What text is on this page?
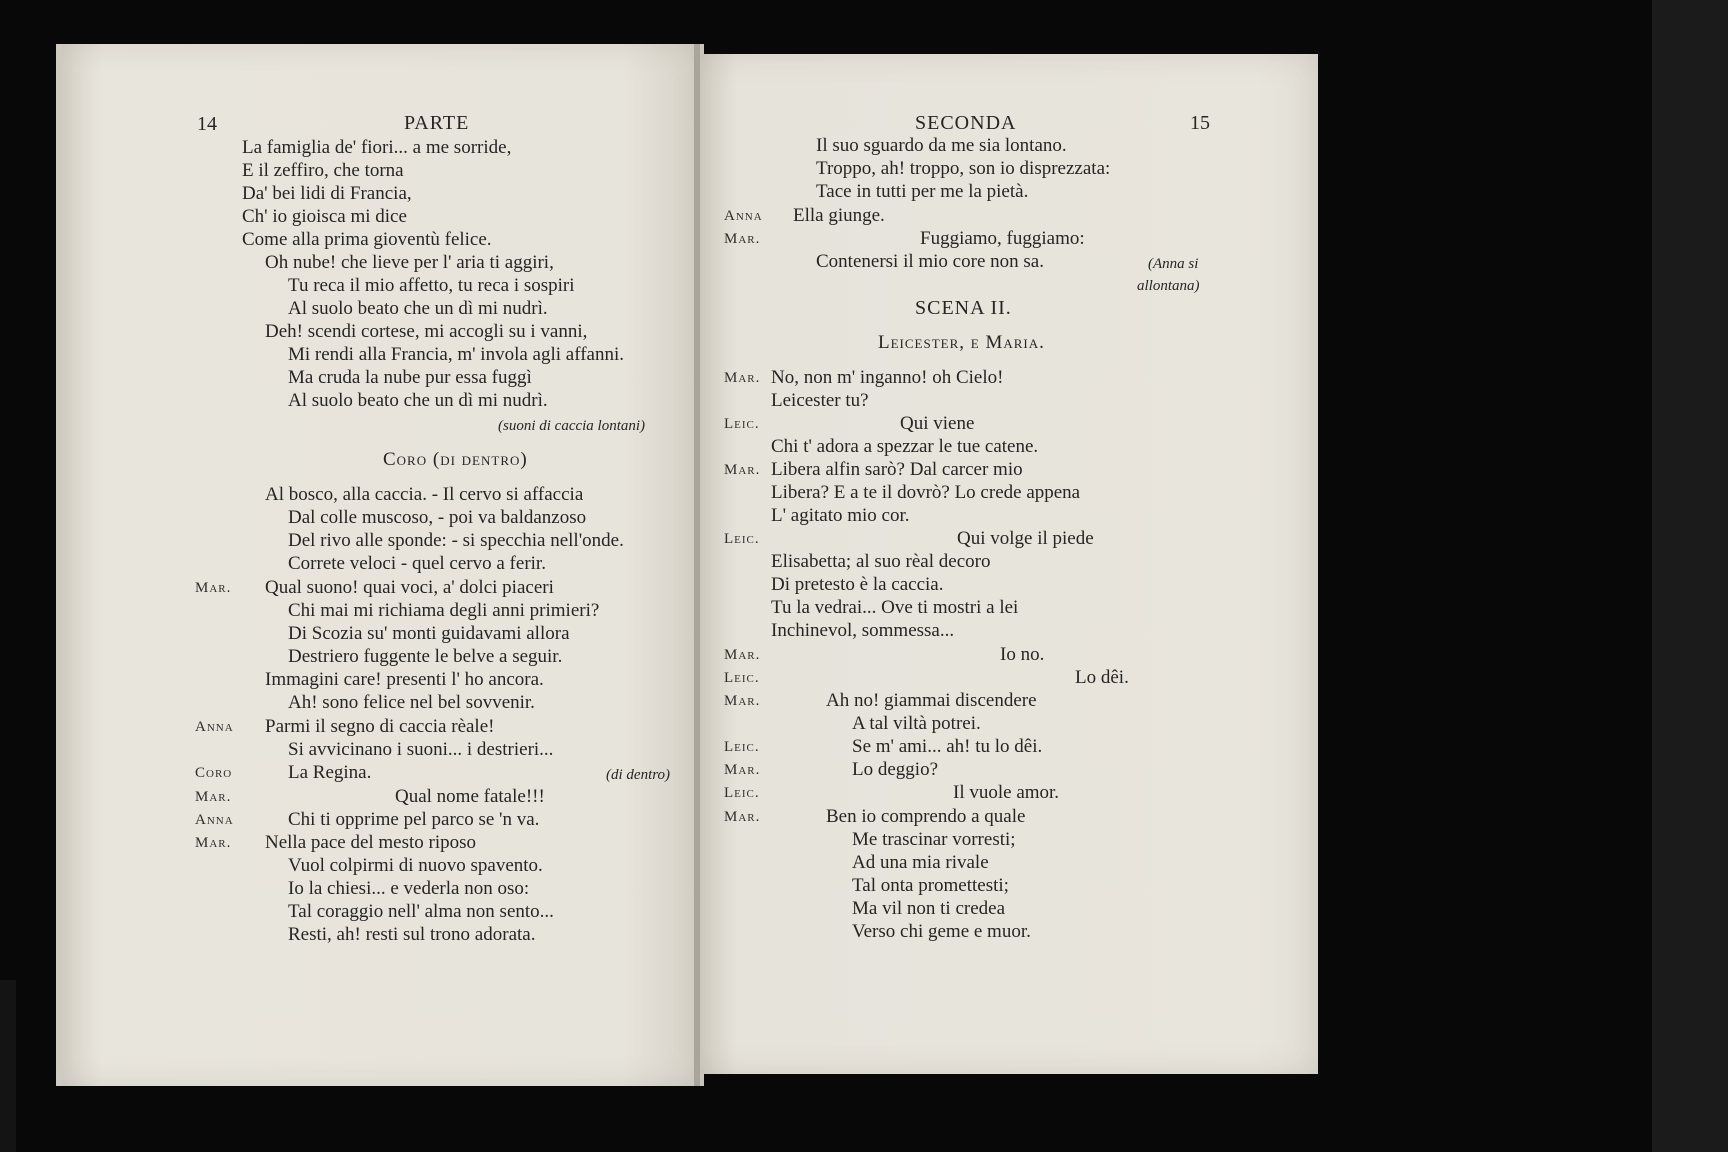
14	PARTE
La famiglia de' fiori... a me sorride,
E il zeffiro, che torna
Da' bei lidi di Francia,
Ch' io gioisca mi dice
Come alla prima gioventù felice.
Oh nube! che lieve per l' aria ti aggiri,
Tu reca il mio affetto, tu reca i sospiri
Al suolo beato che un dì mi nudrì.
Deh! scendi cortese, mi accogli su i vanni,
Mi rendi alla Francia, m' invola agli affanni.
Ma cruda la nube pur essa fuggì
Al suolo beato che un dì mi nudrì.
(suoni di caccia lontani)
Coro (di dentro)
Al bosco, alla caccia. - Il cervo si affaccia
Dal colle muscoso, - poi va baldanzoso
Del rivo alle sponde: - si specchia nell'onde.
Correte veloci - quel cervo a ferir.
Mar. Qual suono! quai voci, a' dolci piaceri
Chi mai mi richiama degli anni primieri?
Di Scozia su' monti guidavami allora
Destriero fuggente le belve a seguir.
Immagini care! presenti l' ho ancora.
Ah! sono felice nel bel sovvenir.
Anna Parmi il segno di caccia rèale!
Si avvicinano i suoni... i destrieri...
Coro	La Regina.	(di dentro)
Mar.	Qual nome fatale!!!
Anna	Chi ti opprime pel parco se 'n va.
Mar. Nella pace del mesto riposo
Vuol colpirmi di nuovo spavento.
Io la chiesi... e vederla non oso:
Tal coraggio nell' alma non sento...
Resti, ah! resti sul trono adorata.
SECONDA	15
Il suo sguardo da me sia lontano.
Troppo, ah! troppo, son io disprezzata:
Tace in tutti per me la pietà.
Anna Ella giunge.
Mar.	Fuggiamo, fuggiamo:
Contenersi il mio core non sa.	(Anna si
allontana)
SCENA II.
Leicester, e Maria.
Mar. No, non m' inganno! oh Cielo!
Leicester tu?
Leic.	Qui viene
Chi t' adora a spezzar le tue catene.
Mar. Libera alfin sarò? Dal carcer mio
Libera? E a te il dovrò? Lo crede appena
L' agitato mio cor.
Leic.	Qui volge il piede
Elisabetta; al suo rèal decoro
Di pretesto è la caccia.
Tu la vedrai... Ove ti mostri a lei
Inchinevol, sommessa...
Mar.	Io no.
Leic.	Lo dêi.
Mar.	Ah no! giammai discendere
A tal viltà potrei.
Leic.	Se m' ami... ah! tu lo dêi.
Mar.	Lo deggio?
Leic.	Il vuole amor.
Mar.	Ben io comprendo a quale
Me trascinar vorresti;
Ad una mia rivale
Tal onta promettesti;
Ma vil non ti credea
Verso chi geme e muor.
